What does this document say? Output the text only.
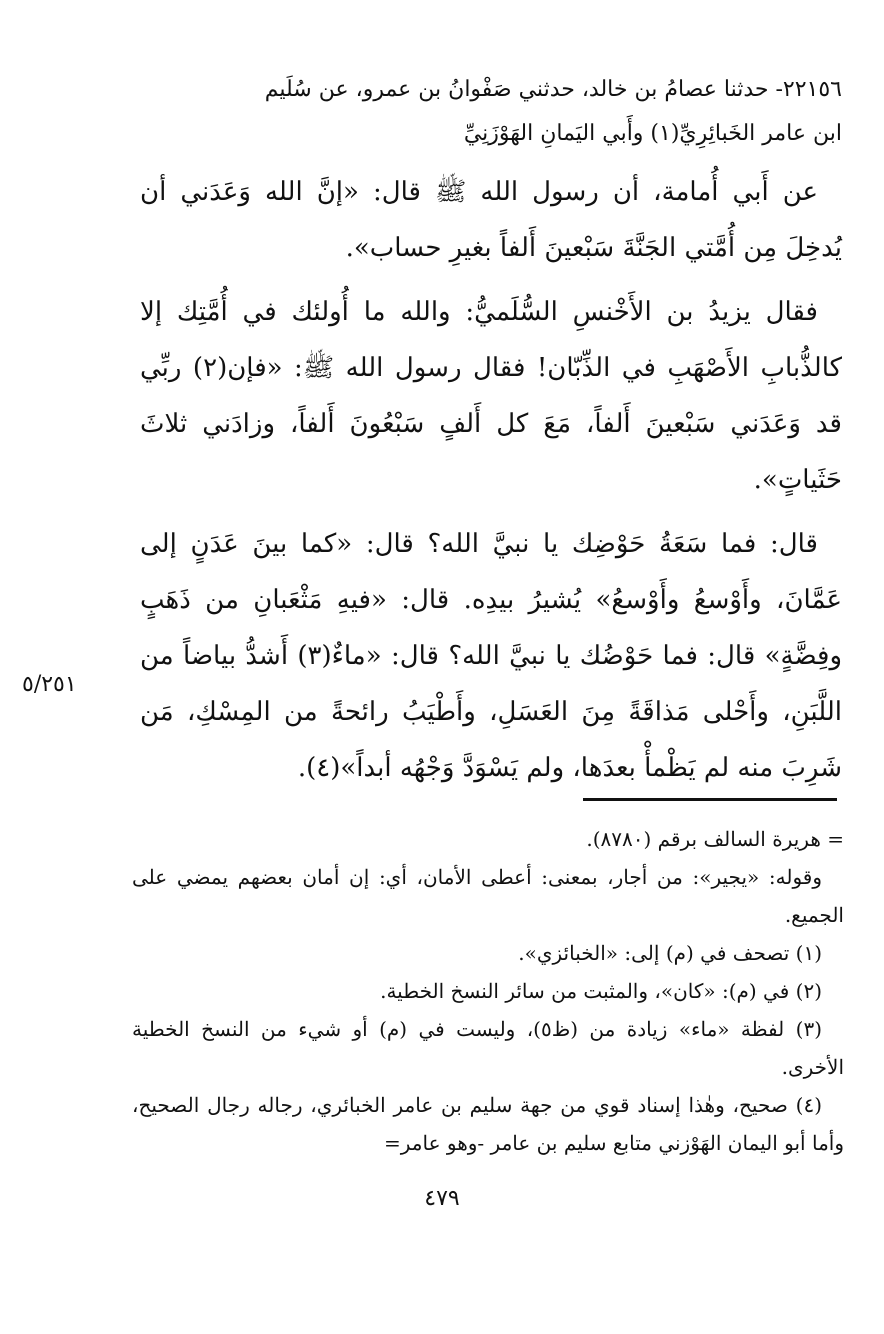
٢٢١٥٦- حدثنا عصامُ بن خالد، حدثني صَفْوانُ بن عمرو، عن سُلَيم

ابن عامر الخَبائِرِيِّ(١) وأَبي اليَمانِ الهَوْزَنِيِّ

عن أَبي أُمامة، أن رسول الله ﷺ قال: «إنَّ الله وَعَدَني أن يُدخِلَ مِن أُمَّتي الجَنَّةَ سَبْعينَ أَلفاً بغيرِ حساب».

فقال يزيدُ بن الأَخْنسِ السُّلَميُّ: والله ما أُولئك في أُمَّتِك إلا كالذُّبابِ الأَصْهَبِ في الذِّبّان! فقال رسول الله ﷺ: «فإن(٢) ربِّي قد وَعَدَني سَبْعينَ أَلفاً، مَعَ كل أَلفٍ سَبْعُونَ أَلفاً، وزادَني ثلاثَ حَثَياتٍ».

قال: فما سَعَةُ حَوْضِك يا نبيَّ الله؟ قال: «كما بينَ عَدَنٍ إلى عَمَّانَ، وأَوْسعُ وأَوْسعُ» يُشيرُ بيدِه. قال: «فيهِ مَثْعَبانِ من ذَهَبٍ وفِضَّةٍ» قال: فما حَوْضُك يا نبيَّ الله؟ قال: «ماءٌ(٣) أَشدُّ بياضاً من اللَّبَنِ، وأَحْلى مَذاقَةً مِنَ العَسَلِ، وأَطْيَبُ رائحةً من المِسْكِ، مَن شَرِبَ منه لم يَظْمأْ بعدَها، ولم يَسْوَدَّ وَجْهُه أبداً»(٤).

٥/٢٥١

= هريرة السالف برقم (٨٧٨٠).

وقوله: «يجير»: من أجار، بمعنى: أعطى الأمان، أي: إن أمان بعضهم يمضي على الجميع.

(١) تصحف في (م) إلى: «الخبائزي».

(٢) في (م): «كان»، والمثبت من سائر النسخ الخطية.

(٣) لفظة «ماء» زيادة من (ظ٥)، وليست في (م) أو شيء من النسخ الخطية الأخرى.

(٤) صحيح، وهٰذا إسناد قوي من جهة سليم بن عامر الخبائري، رجاله رجال الصحيح، وأما أبو اليمان الهَوْزني متابع سليم بن عامر -وهو عامر=

٤٧٩
